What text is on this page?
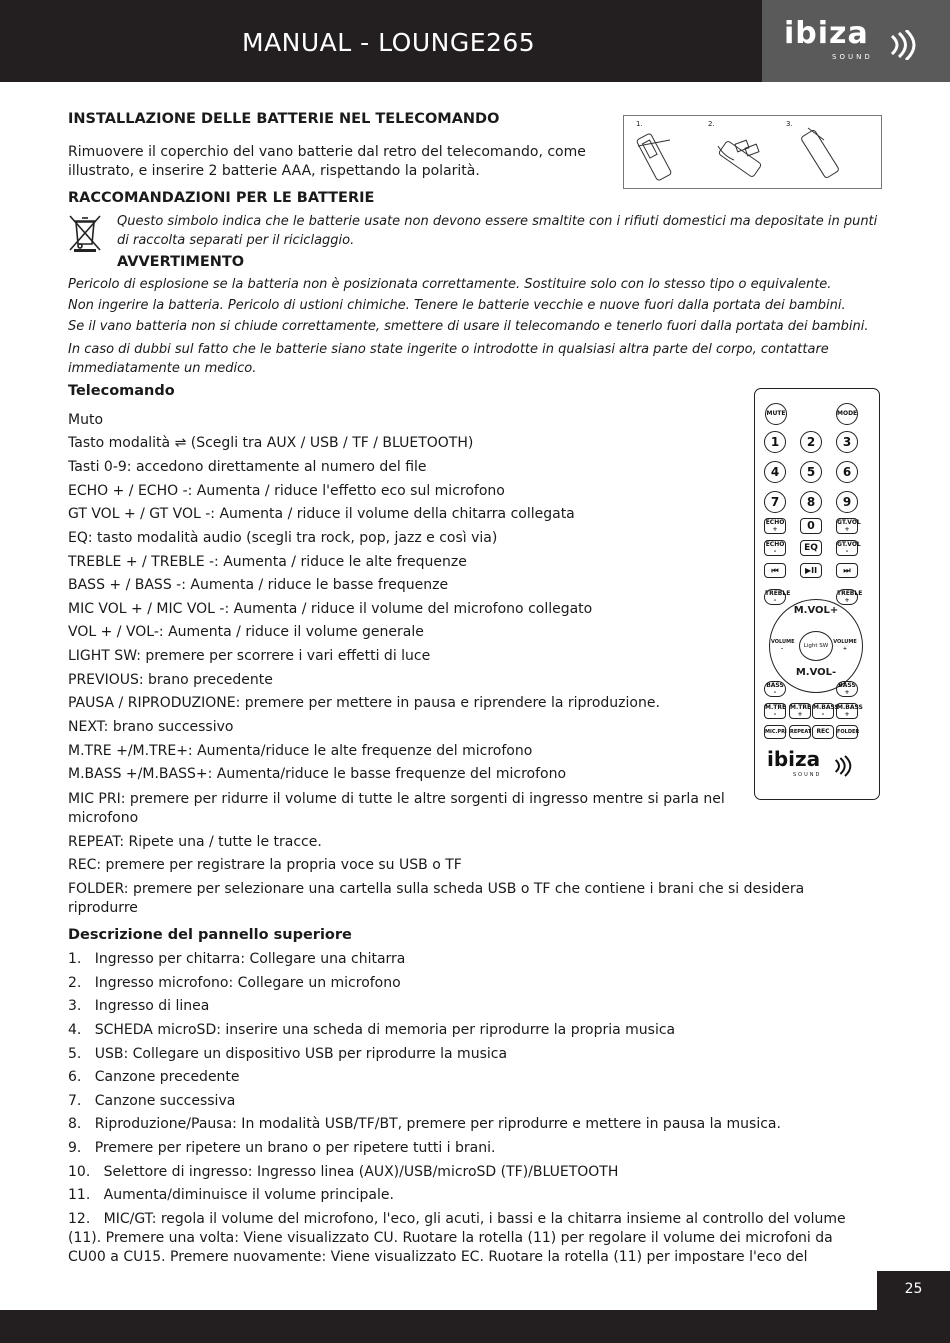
MANUAL - LOUNGE265	ibiza
SOUND
INSTALLAZIONE DELLE BATTERIE NEL TELECOMANDO
Rimuovere il coperchio del vano batterie dal retro del telecomando, come illustrato, e inserire 2 batterie AAA, rispettando la polarità.
1.	2.	3.
RACCOMANDAZIONI PER LE BATTERIE
Questo simbolo indica che le batterie usate non devono essere smaltite con i rifiuti domestici ma depositate in punti di raccolta separati per il riciclaggio.
AVVERTIMENTO
Pericolo di esplosione se la batteria non è posizionata correttamente. Sostituire solo con lo stesso tipo o equivalente.
Non ingerire la batteria. Pericolo di ustioni chimiche. Tenere le batterie vecchie e nuove fuori dalla portata dei bambini.
Se il vano batteria non si chiude correttamente, smettere di usare il telecomando e tenerlo fuori dalla portata dei bambini.
In caso di dubbi sul fatto che le batterie siano state ingerite o introdotte in qualsiasi altra parte del corpo, contattare immediatamente un medico.
Telecomando
Muto
Tasto modalità ⇌ (Scegli tra AUX / USB / TF / BLUETOOTH)
Tasti 0-9: accedono direttamente al numero del file
ECHO + / ECHO -: Aumenta / riduce l'effetto eco sul microfono
GT VOL + / GT VOL -: Aumenta / riduce il volume della chitarra collegata
EQ: tasto modalità audio (scegli tra rock, pop, jazz e così via)
TREBLE + / TREBLE -: Aumenta / riduce le alte frequenze
BASS + / BASS -: Aumenta / riduce le basse frequenze
MIC VOL + / MIC VOL -: Aumenta / riduce il volume del microfono collegato
VOL + / VOL-: Aumenta / riduce il volume generale
LIGHT SW: premere per scorrere i vari effetti di luce
PREVIOUS: brano precedente
PAUSA / RIPRODUZIONE: premere per mettere in pausa e riprendere la riproduzione.
NEXT: brano successivo
M.TRE +/M.TRE+: Aumenta/riduce le alte frequenze del microfono
M.BASS +/M.BASS+: Aumenta/riduce le basse frequenze del microfono
MIC PRI: premere per ridurre il volume di tutte le altre sorgenti di ingresso mentre si parla nel microfono
REPEAT: Ripete una / tutte le tracce.
REC: premere per registrare la propria voce su USB o TF
FOLDER: premere per selezionare una cartella sulla scheda USB o TF che contiene i brani che si desidera riprodurre
MUTE	MODE
1	2	3
4	5	6
7	8	9
ECHO
+	0	GT.VOL
+
ECHO
-	EQ	GT.VOL
-
⏮	▶II	⏭
TREBLE
-
TREBLE
+
M.VOL+
M.VOL-
VOLUME
-
VOLUME
+
Light SW
BASS
-
BASS
+
M.TRE
-
M.TRE
+
M.BASS
-
M.BASS
+
MIC.PRI REPEAT REC	FOLDER
ibiza
SOUND
Descrizione del pannello superiore
1. Ingresso per chitarra: Collegare una chitarra
2. Ingresso microfono: Collegare un microfono
3. Ingresso di linea
4. SCHEDA microSD: inserire una scheda di memoria per riprodurre la propria musica
5. USB: Collegare un dispositivo USB per riprodurre la musica
6. Canzone precedente
7. Canzone successiva
8. Riproduzione/Pausa: In modalità USB/TF/BT, premere per riprodurre e mettere in pausa la musica.
9. Premere per ripetere un brano o per ripetere tutti i brani.
10. Selettore di ingresso: Ingresso linea (AUX)/USB/microSD (TF)/BLUETOOTH
11. Aumenta/diminuisce il volume principale.
12. MIC/GT: regola il volume del microfono, l'eco, gli acuti, i bassi e la chitarra insieme al controllo del volume (11). Premere una volta: Viene visualizzato CU. Ruotare la rotella (11) per regolare il volume dei microfoni da CU00 a CU15. Premere nuovamente: Viene visualizzato EC. Ruotare la rotella (11) per impostare l'eco del
25
